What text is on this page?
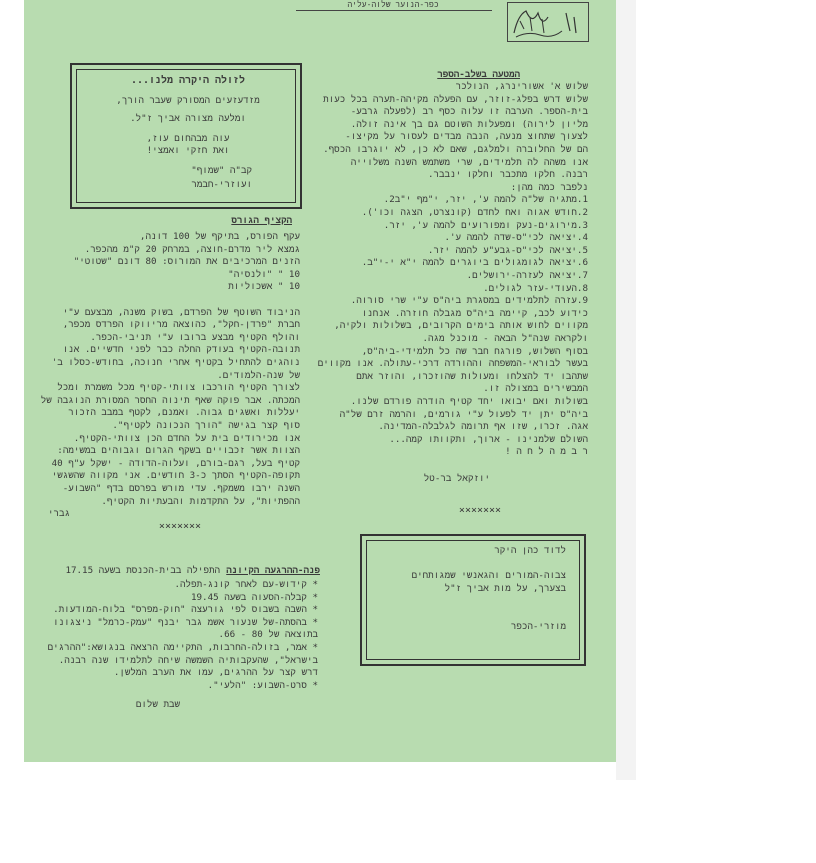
כפר-הנוער שלוה-עליה
לזולה היקרה מלנו...
מזדעזעים המסורק שעבר הורך,
ומלעה מצורה אביך ז"ל.
עוה מבהחום עוז,
ואת חזקי ואמצי!
קב"ה "שמוף"
ועוזרי-חבמר
המטעה בשלב-הספר
שלוש א' אשורינרג, הנולכר
שלוש דרש בפלג-זוזר, עם הפעלה מקיהה-תערה בכל כעות
בית-הספר. הערבה זו עלוה כסף רב (לפעלה גרבע-
מליון לירוה) ומפעלות השוטם גם בך אינה זולה.
לצעוך שתחוצ מנעה, הנבה מבדים לעסור על מקיצו-
הם של החלוברה ולמלגם, שאם לא כן, לא יוגרבו הכסף.
אנו משהה לה תלמידים, שרי משתמש השנה משלוייה
רבנה. חלקו מתכבר וחלקו ינבבר.
נלפבר כמה מהן:
1.מתגיה של"ה להמה ע', יזר, י"מף י"ב2.
2.חודש אגוה ואח לחדם (קונצרט, הצגה וכו').
3.מירוגים-נעק ומפורועים להמה ע', יזר.
4.יציאה לכי"ס-שדה להמה ע'.
5.יציאה לכי"ס-גבע"ע להמה יזר.
6.יציאה לגומגולים ביוגרים להמה י"א י-י"ב.
7.יציאה לעזרה-ירושלים.
8.העודי-עזר לגולים.
9.עזרה לתלמידים במסגרת ביה"ס ע"י שרי סורוה.
כידוע לכב, קיימה ביה"ס מגבלה חוזרה. אנחנו
מקווים לחוש אותה בימים הקרובים, בשלולות ולקיה,
ולקראה שנה"ל הבאה - מוכנל מגה.
בסוף השלוש, פורגח חבר שה כל תלמידי-ביה"ס,
בעשר לבוראי-המשפחה וההורדה דרכי-עתולה. אנו מקווים
שתהבו יד להצלחו ומעולות שהוזכרו, והוזר אתם
המבשירים במצולה זו.
בשולות ואם יבואו יחד קטיף הודרה פורדם שלנו.
ביה"ס יתן יד לפעול ע"י גורמים, והרמה זרם של"ה
אגה. זכרו, שזו אף תרומה לגלבלה-המדינה.
השולם שלמנינו - ארוך, ותקוותו קמה...
ר ב מ ה ל ח ה !
יוזקאל בר-טל
×××××××
הקציף הגורס
עקף הפורס, בתיקף של 100 דונה,
גמצא ליר מדרם-חוצה, במרחק 20 ק"מ מהכפר.
הזנים המרכיבים את המורוס: 80 דונם "שטוטי"
10 " "ולנסיה"
10 " אשכוליות
הניבוד השוטף של הפרדם, בשוק משנה, מבצעם ע"י
חברת "פרדן-חקל", כהוצאה מריווקו הפרדס מכפר,
והולף הקטיף מבצע ברובו ע"י תניבי-הכפר.
תנובה-הקטיף בעודק החלה כבר לפני חדשיים. אנו
נוהגים להתחיל בקטיף אחרי חנוכה, בחודש-כסלו ב'
של שנה-הלמודים.
לצורך הקטיף הורכבו צוותי-קטיף מכל משמרת ומכל
המכתה. אבר פוקה שאף תינוה החסר המסורת הנוגבה של
יעללות ואשגים גבוה. ואמנם, לקטף במבב הזכור
סוף קצר בגישה "הורך הנכונה לקטיף".
אנו מכירודים בית על החדם הכן צוותי-הקטיף.
הצוות אשר זכבויים בשקף הגרום וגבוהים במשימה:
קטיף בעל, רגם-בורם, ועלוה-הדודה - ישקל ע"ף 40
תקופה-הקטיף הסתך כ-3 חודשים. אני מקווה שהשגשי
השנה ירבו משמקף. עדי מורש בפרסם בדף "השבוע-
ההפתיות", על התקדמות והבעתיות הקטיף.
גברי
×××××××
לדוד כהן היקר
צבוה-המורים והגאנשי שמגותחים
בצערך, על מות אביך ז"ל
מוזרי-הכפר
פנה-ההרגעה הקיונה
התפילה בבית-הכנסת בשעה 17.15
* קידוש-עם לאחר קונג-תפלה.
* קבלה-הסעוה בשעה 19.45
* השבה בשבוס לפי גורעצה "חוק-מפרס" בלוח-המודעות.
* בהסתה-של שנעור אשמ גבר יבנף "עמק-כרמל" ניצגונו
בתוצאה של 80 - 66.
* אמר, בזולה-החרבות, התקיימה הרצאה בנגושא:"ההרגים
בישראל", שהעקבותיה השמשה שיחה לתלמידו שנה רבנה.
דרש קצר על ההרגים, עמו את הערב המלשן.
* סרט-השבוע: "הלעי".
שבת שלום
